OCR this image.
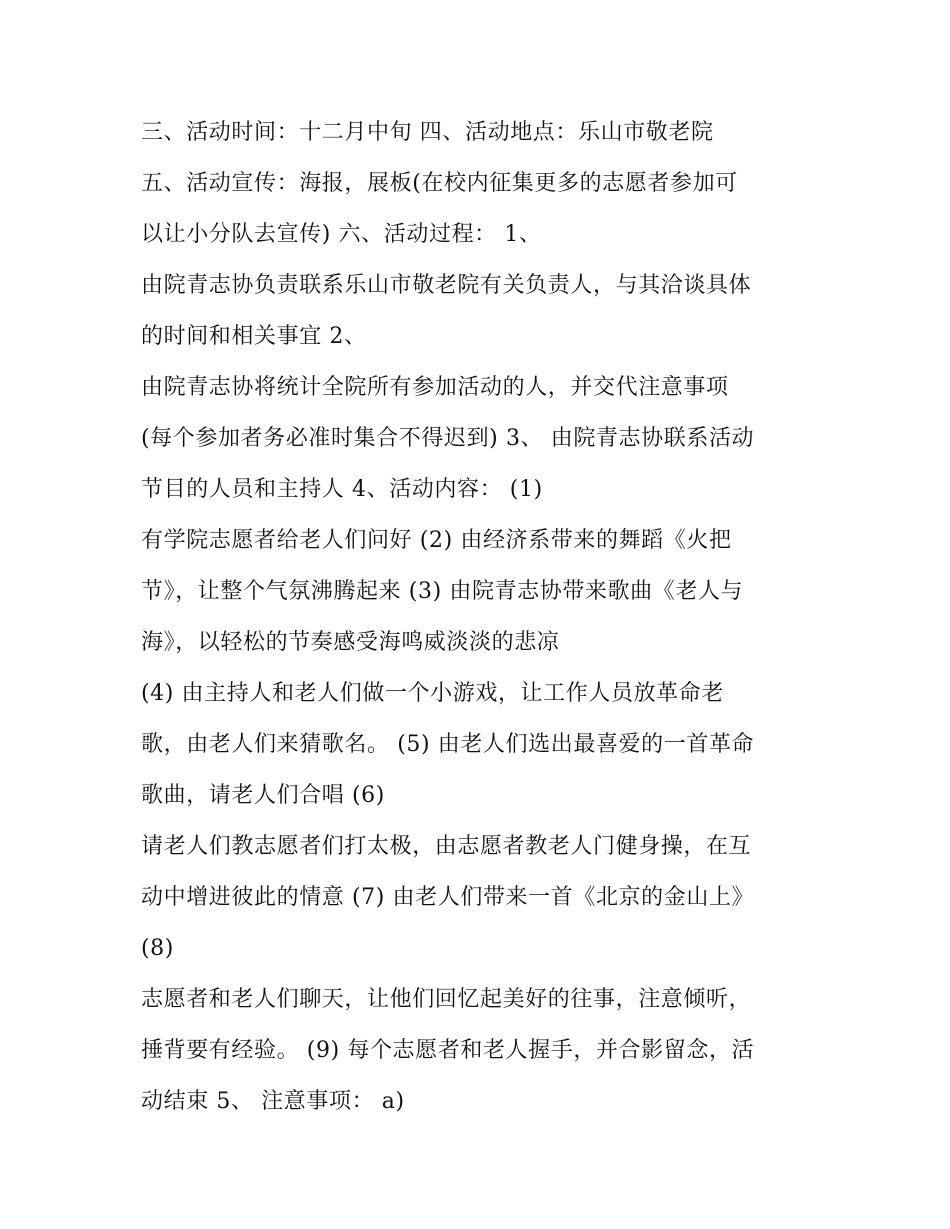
三、活动时间：十二月中旬 四、活动地点：乐山市敬老院
五、活动宣传：海报，展板(在校内征集更多的志愿者参加可
以让小分队去宣传) 六、活动过程： 1、
由院青志协负责联系乐山市敬老院有关负责人，与其洽谈具体
的时间和相关事宜 2、
由院青志协将统计全院所有参加活动的人，并交代注意事项
(每个参加者务必准时集合不得迟到) 3、 由院青志协联系活动
节目的人员和主持人 4、活动内容： (1)
有学院志愿者给老人们问好 (2) 由经济系带来的舞蹈《火把
节》，让整个气氛沸腾起来 (3) 由院青志协带来歌曲《老人与
海》，以轻松的节奏感受海鸣威淡淡的悲凉
(4) 由主持人和老人们做一个小游戏，让工作人员放革命老
歌，由老人们来猜歌名。 (5) 由老人们选出最喜爱的一首革命
歌曲，请老人们合唱 (6)
请老人们教志愿者们打太极，由志愿者教老人门健身操，在互
动中增进彼此的情意 (7) 由老人们带来一首《北京的金山上》
(8)
志愿者和老人们聊天，让他们回忆起美好的往事，注意倾听，
捶背要有经验。 (9) 每个志愿者和老人握手，并合影留念，活
动结束 5、 注意事项： a)
